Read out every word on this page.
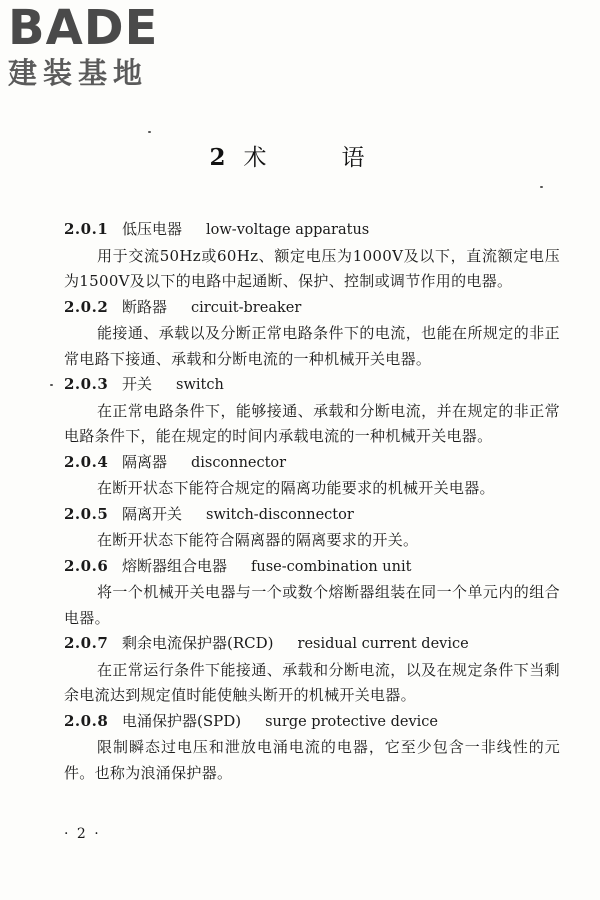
BADE
建装基地
2 术　语
2.0.1 低压电器 low-voltage apparatus
用于交流50Hz或60Hz、额定电压为1000V及以下，直流额定电压为1500V及以下的电路中起通断、保护、控制或调节作用的电器。
2.0.2 断路器 circuit-breaker
能接通、承载以及分断正常电路条件下的电流，也能在所规定的非正常电路下接通、承载和分断电流的一种机械开关电器。
2.0.3 开关 switch
在正常电路条件下，能够接通、承载和分断电流，并在规定的非正常电路条件下，能在规定的时间内承载电流的一种机械开关电器。
2.0.4 隔离器 disconnector
在断开状态下能符合规定的隔离功能要求的机械开关电器。
2.0.5 隔离开关 switch-disconnector
在断开状态下能符合隔离器的隔离要求的开关。
2.0.6 熔断器组合电器 fuse-combination unit
将一个机械开关电器与一个或数个熔断器组装在同一个单元内的组合电器。
2.0.7 剩余电流保护器(RCD) residual current device
在正常运行条件下能接通、承载和分断电流，以及在规定条件下当剩余电流达到规定值时能使触头断开的机械开关电器。
2.0.8 电涌保护器(SPD) surge protective device
限制瞬态过电压和泄放电涌电流的电器，它至少包含一非线性的元件。也称为浪涌保护器。
· 2 ·
